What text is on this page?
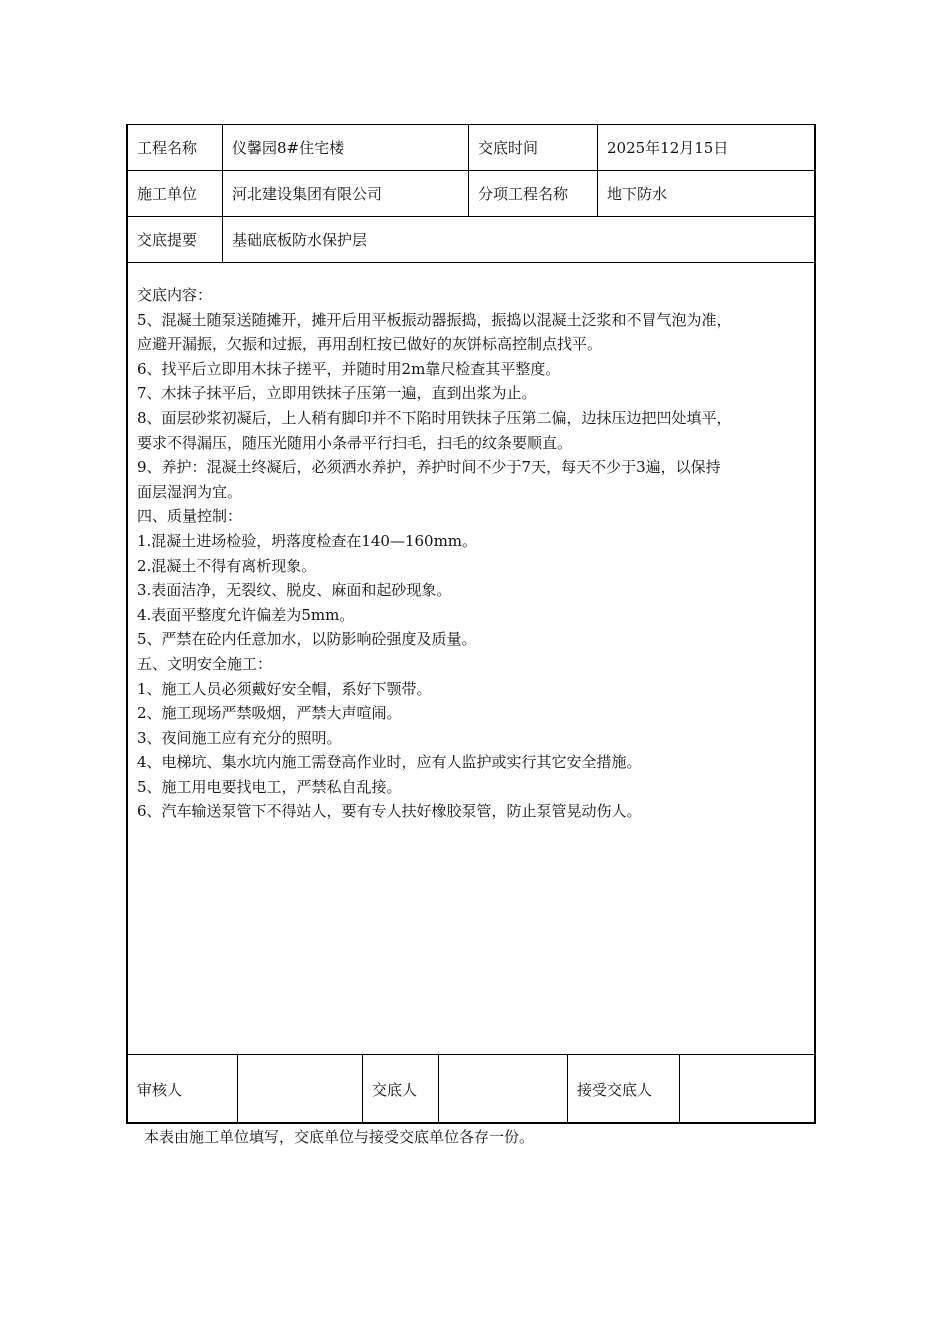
工程名称	仪馨园8#住宅楼	交底时间	2025年12月15日
施工单位	河北建设集团有限公司	分项工程名称	地下防水
交底提要	基础底板防水保护层
交底内容：
5、混凝土随泵送随摊开，摊开后用平板振动器振捣，振捣以混凝土泛浆和不冒气泡为准，
应避开漏振，欠振和过振，再用刮杠按已做好的灰饼标高控制点找平。
6、找平后立即用木抹子搓平，并随时用2m靠尺检查其平整度。
7、木抹子抹平后，立即用铁抹子压第一遍，直到出浆为止。
8、面层砂浆初凝后，上人稍有脚印并不下陷时用铁抹子压第二偏，边抹压边把凹处填平，
要求不得漏压，随压光随用小条帚平行扫毛，扫毛的纹条要顺直。
9、养护：混凝土终凝后，必须洒水养护，养护时间不少于7天，每天不少于3遍，以保持
面层湿润为宜。
四、质量控制：
1.混凝土进场检验，坍落度检查在140—160mm。
2.混凝土不得有离析现象。
3.表面洁净，无裂纹、脱皮、麻面和起砂现象。
4.表面平整度允许偏差为5mm。
5、严禁在砼内任意加水，以防影响砼强度及质量。
五、文明安全施工：
1、施工人员必须戴好安全帽，系好下颚带。
2、施工现场严禁吸烟，严禁大声喧闹。
3、夜间施工应有充分的照明。
4、电梯坑、集水坑内施工需登高作业时，应有人监护或实行其它安全措施。
5、施工用电要找电工，严禁私自乱接。
6、汽车输送泵管下不得站人，要有专人扶好橡胶泵管，防止泵管晃动伤人。
审核人	交底人	接受交底人
本表由施工单位填写，交底单位与接受交底单位各存一份。
